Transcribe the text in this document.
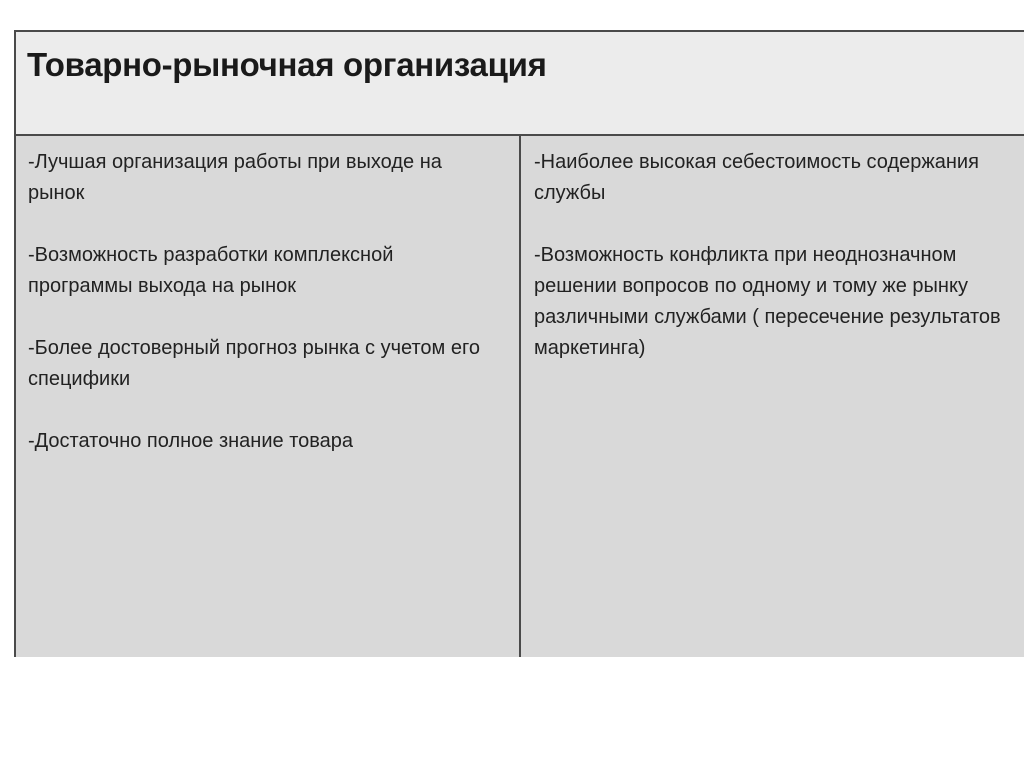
Товарно-рыночная организация
-Лучшая организация работы при выходе на рынок
-Возможность разработки комплексной программы выхода на рынок
-Более достоверный прогноз рынка с учетом его специфики
-Достаточно полное знание товара
-Наиболее высокая себестоимость содержания службы
-Возможность конфликта при неоднозначном решении вопросов по одному и тому же рынку различными службами ( пересечение результатов маркетинга)
